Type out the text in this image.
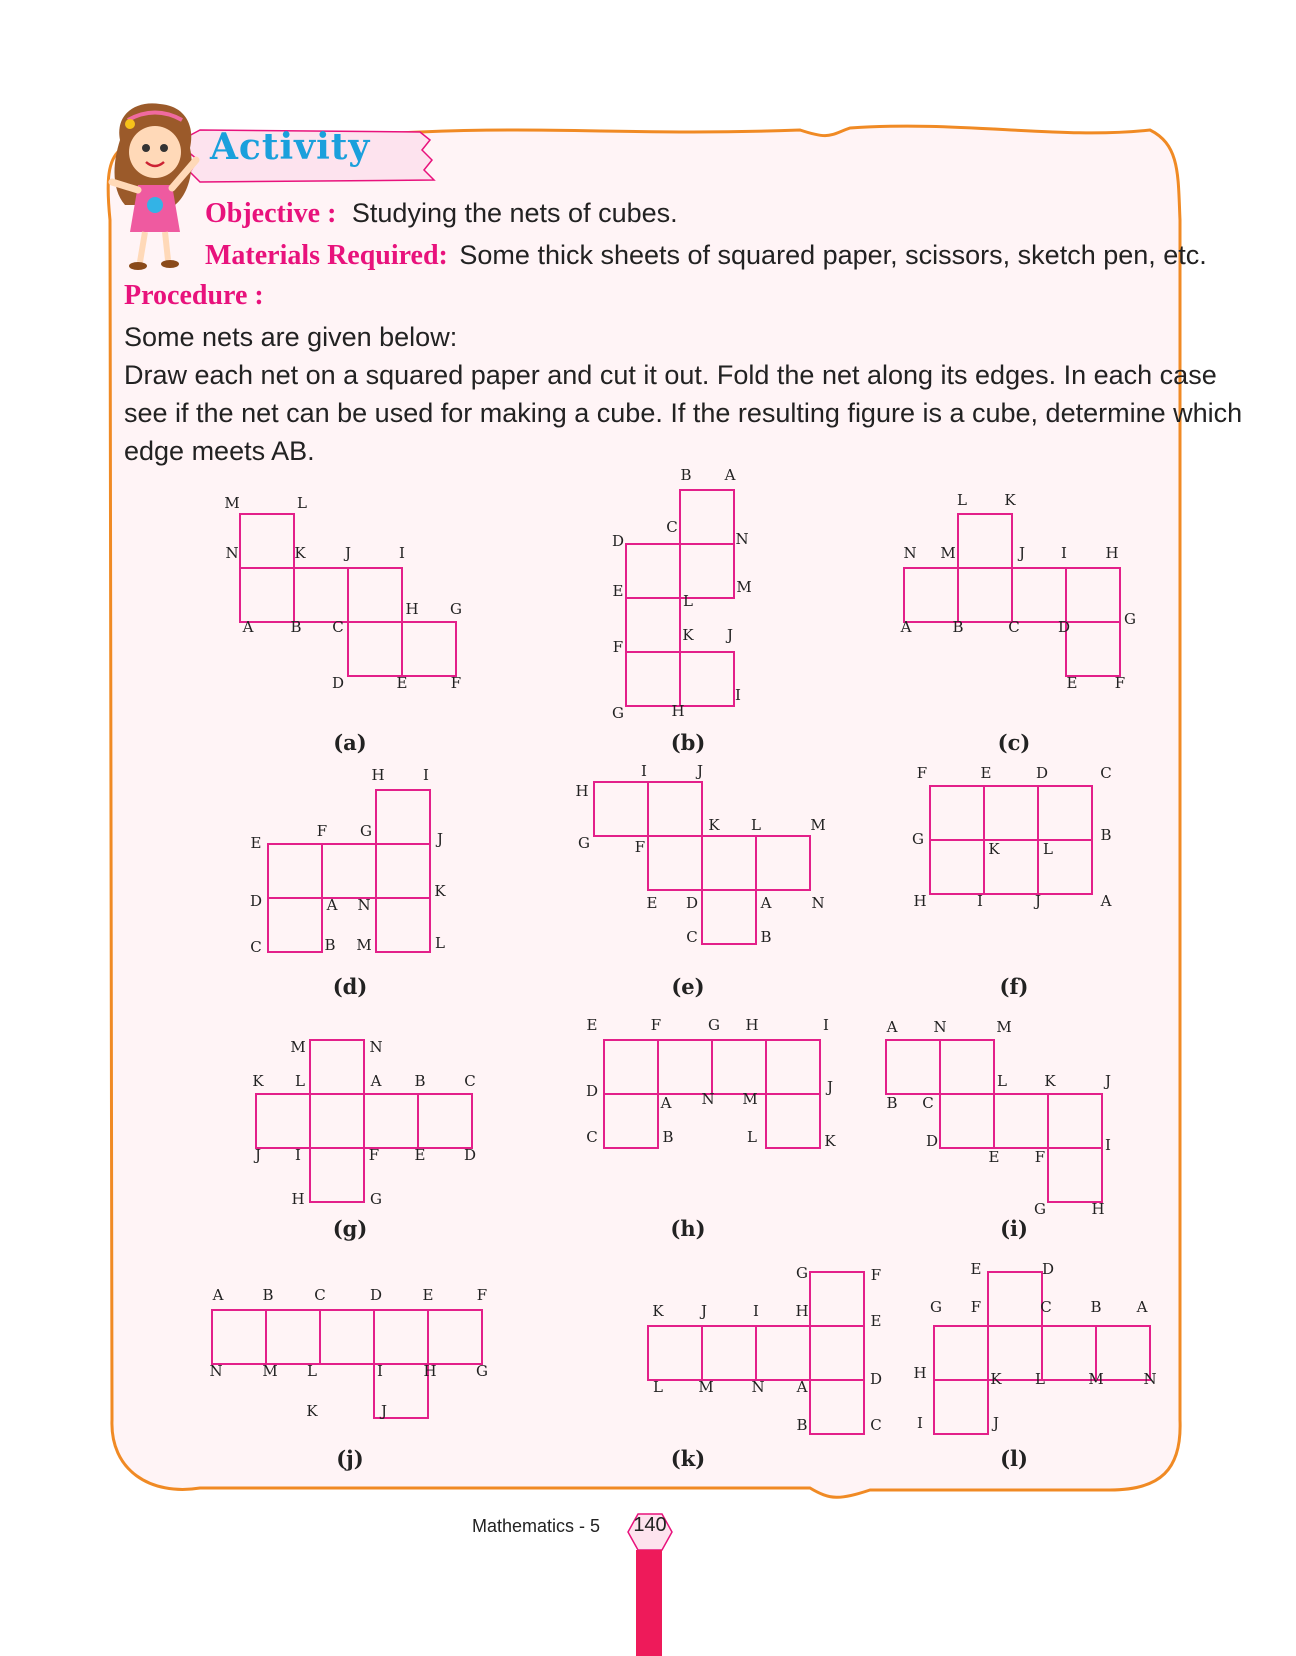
Activity
Objective : Studying the nets of cubes.
Materials Required: Some thick sheets of squared paper, scissors, sketch pen, etc.
Procedure :
Some nets are given below:
Draw each net on a squared paper and cut it out. Fold the net along its edges. In each case
see if the net can be used for making a cube. If the resulting figure is a cube, determine which
edge meets AB.
M	L
N	K	J	I
H G
A B C
D	E	F
(a)
B A
C
D	N
E	M
L
F
K J
I
G	H
(b)
L K
N M	J I	H
A	B	C	D	G
E F
(c)
H	I
E
F G	J
D	A N
K
C	B M	L
(d)
I	J
H
K L	M
G	F
E D	A	N
C	B
(e)
F	E	D	C
G	B
K	L
H	I	J	A
(f)
M	N
K L	A B	C
J I	F E	D
H	G
(g)
E	F	G H	I
D	J
A N M
C	B	L	K
(h)
A N	M
L K	J
B C
D	I
E F
G	H
(i)
A	B	C	D	E	F
N	M L	I	H	G
K	J
(j)
G	F
K J	I H
E
D
L M	N A
B	C
(k)
E	D
G F	C	B A
H	K L	M	N
I	J
(l)
Mathematics - 5 140
